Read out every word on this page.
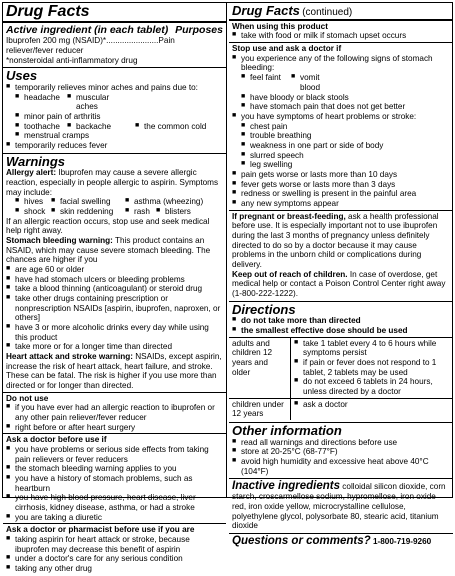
Drug Facts
Active ingredient (in each tablet) Purposes
Ibuprofen 200 mg (NSAID)*.......................Pain reliever/fever reducer
*nonsteroidal anti-inflammatory drug
Uses
■ temporarily relieves minor aches and pains due to:
■ headache	■ muscular aches
■ minor pain of arthritis
■ toothache	■ backache	■ the common cold
■ menstrual cramps
■ temporarily reduces fever
Warnings
Allergy alert: Ibuprofen may cause a severe allergic reaction, especially in people allergic to aspirin. Symptoms may include:
■ hives	■ facial swelling	■ asthma (wheezing)
■ shock	■ skin reddening	■ rash	■ blisters
If an allergic reaction occurs, stop use and seek medical help right away.
Stomach bleeding warning: This product contains an NSAID, which may cause severe stomach bleeding. The chances are higher if you
■ are age 60 or older
■ have had stomach ulcers or bleeding problems
■ take a blood thinning (anticoagulant) or steroid drug
■ take other drugs containing prescription or nonprescription NSAIDs [aspirin, ibuprofen, naproxen, or others]
■ have 3 or more alcoholic drinks every day while using this product
■ take more or for a longer time than directed
Heart attack and stroke warning: NSAIDs, except aspirin, increase the risk of heart attack, heart failure, and stroke. These can be fatal. The risk is higher if you use more than directed or for longer than directed.
Do not use
■ if you have ever had an allergic reaction to ibuprofen or any other pain reliever/fever reducer
■ right before or after heart surgery
Ask a doctor before use if
■ you have problems or serious side effects from taking pain relievers or fever reducers
■ the stomach bleeding warning applies to you
■ you have a history of stomach problems, such as heartburn
■ you have high blood pressure, heart disease, liver cirrhosis, kidney disease, asthma, or had a stroke
■ you are taking a diuretic
Ask a doctor or pharmacist before use if you are
■ taking aspirin for heart attack or stroke, because ibuprofen may decrease this benefit of aspirin
■ under a doctor's care for any serious condition
■ taking any other drug
Drug Facts (continued)
When using this product
■ take with food or milk if stomach upset occurs
Stop use and ask a doctor if
■ you experience any of the following signs of stomach bleeding:
■ feel faint	■ vomit blood
■ have bloody or black stools
■ have stomach pain that does not get better
■ you have symptoms of heart problems or stroke:
■ chest pain
■ trouble breathing
■ weakness in one part or side of body
■ slurred speech
■ leg swelling
■ pain gets worse or lasts more than 10 days
■ fever gets worse or lasts more than 3 days
■ redness or swelling is present in the painful area
■ any new symptoms appear
If pregnant or breast-feeding, ask a health professional before use. It is especially important not to use ibuprofen during the last 3 months of pregnancy unless definitely directed to do so by a doctor because it may cause problems in the unborn child or complications during delivery.
Keep out of reach of children. In case of overdose, get medical help or contact a Poison Control Center right away (1-800-222-1222).
Directions
■ do not take more than directed
■ the smallest effective dose should be used
adults and children 12 years and older
■ take 1 tablet every 4 to 6 hours while symptoms persist
■ if pain or fever does not respond to 1 tablet, 2 tablets may be used
■ do not exceed 6 tablets in 24 hours, unless directed by a doctor
children under 12 years
■ ask a doctor
Other information
■ read all warnings and directions before use
■ store at 20-25°C (68-77°F)
■ avoid high humidity and excessive heat above 40°C (104°F)
Inactive ingredients colloidal silicon dioxide, corn starch, croscarmellose sodium, hypromellose, iron oxide red, iron oxide yellow, microcrystalline cellulose, polyethylene glycol, polysorbate 80, stearic acid, titanium dioxide
Questions or comments? 1-800-719-9260
